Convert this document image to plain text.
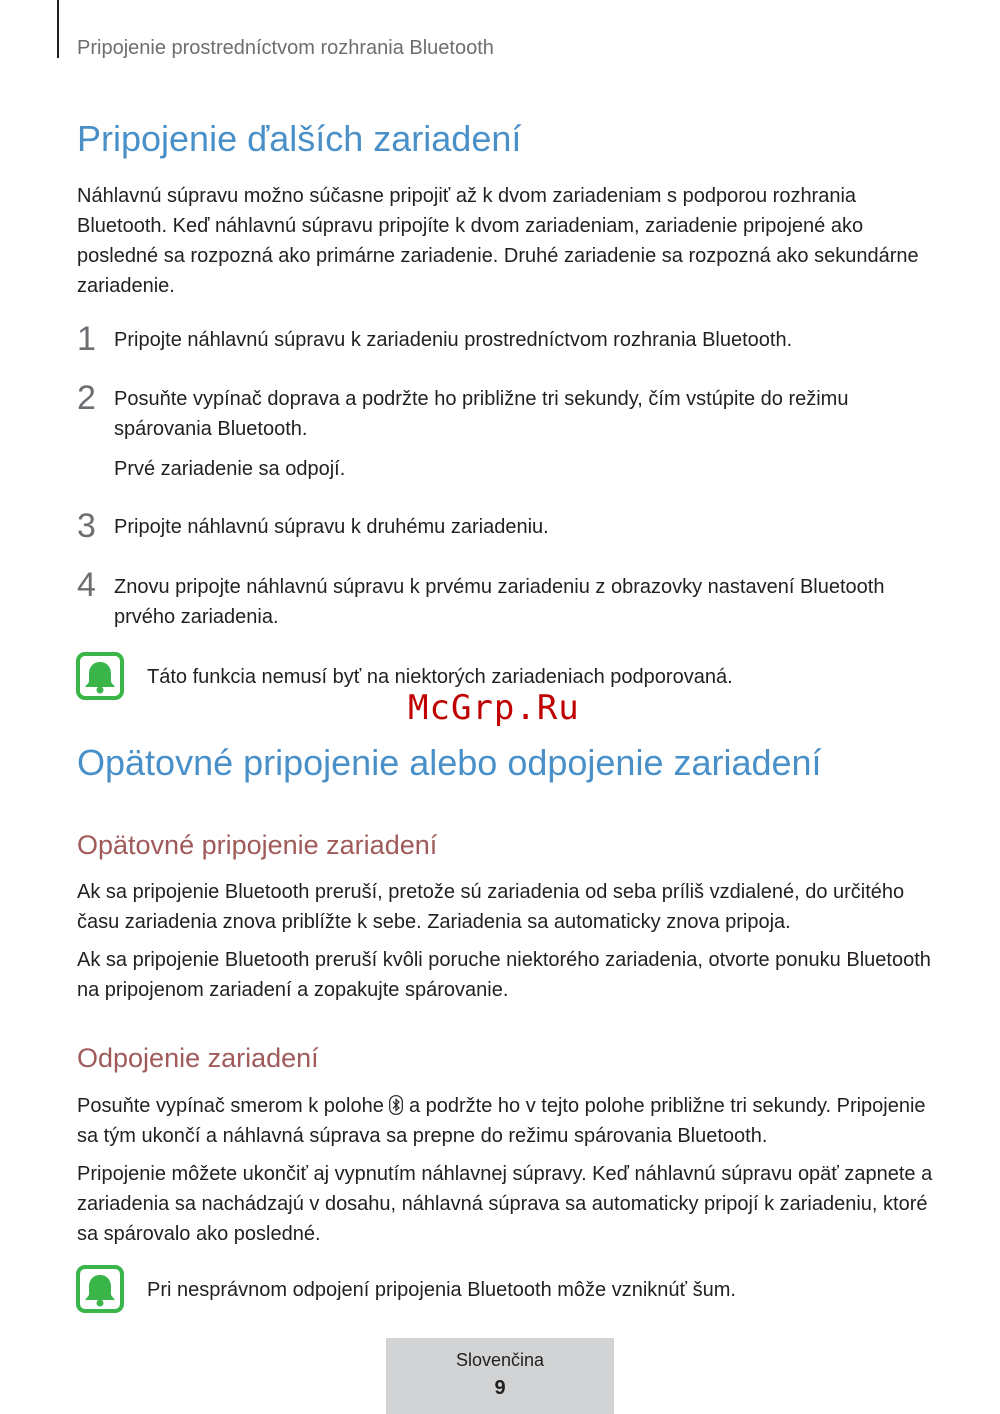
Pripojenie prostredníctvom rozhrania Bluetooth
Pripojenie ďalších zariadení

Náhlavnú súpravu možno súčasne pripojiť až k dvom zariadeniam s podporou rozhrania Bluetooth. Keď náhlavnú súpravu pripojíte k dvom zariadeniam, zariadenie pripojené ako posledné sa rozpozná ako primárne zariadenie. Druhé zariadenie sa rozpozná ako sekundárne zariadenie.

1 Pripojte náhlavnú súpravu k zariadeniu prostredníctvom rozhrania Bluetooth.

2 Posuňte vypínač doprava a podržte ho približne tri sekundy, čím vstúpite do režimu spárovania Bluetooth.

Prvé zariadenie sa odpojí.

3 Pripojte náhlavnú súpravu k druhému zariadeniu.

4 Znovu pripojte náhlavnú súpravu k prvému zariadeniu z obrazovky nastavení Bluetooth prvého zariadenia.

Táto funkcia nemusí byť na niektorých zariadeniach podporovaná.
McGrp.Ru
Opätovné pripojenie alebo odpojenie zariadení
Opätovné pripojenie zariadení

Ak sa pripojenie Bluetooth preruší, pretože sú zariadenia od seba príliš vzdialené, do určitého času zariadenia znova priblížte k sebe. Zariadenia sa automaticky znova pripoja.

Ak sa pripojenie Bluetooth preruší kvôli poruche niektorého zariadenia, otvorte ponuku Bluetooth na pripojenom zariadení a zopakujte spárovanie.

Odpojenie zariadení

Posuňte vypínač smerom k polohe a podržte ho v tejto polohe približne tri sekundy. Pripojenie sa tým ukončí a náhlavná súprava sa prepne do režimu spárovania Bluetooth.

Pripojenie môžete ukončiť aj vypnutím náhlavnej súpravy. Keď náhlavnú súpravu opäť zapnete a zariadenia sa nachádzajú v dosahu, náhlavná súprava sa automaticky pripojí k zariadeniu, ktoré sa spárovalo ako posledné.

Pri nesprávnom odpojení pripojenia Bluetooth môže vzniknúť šum.
Slovenčina
9
